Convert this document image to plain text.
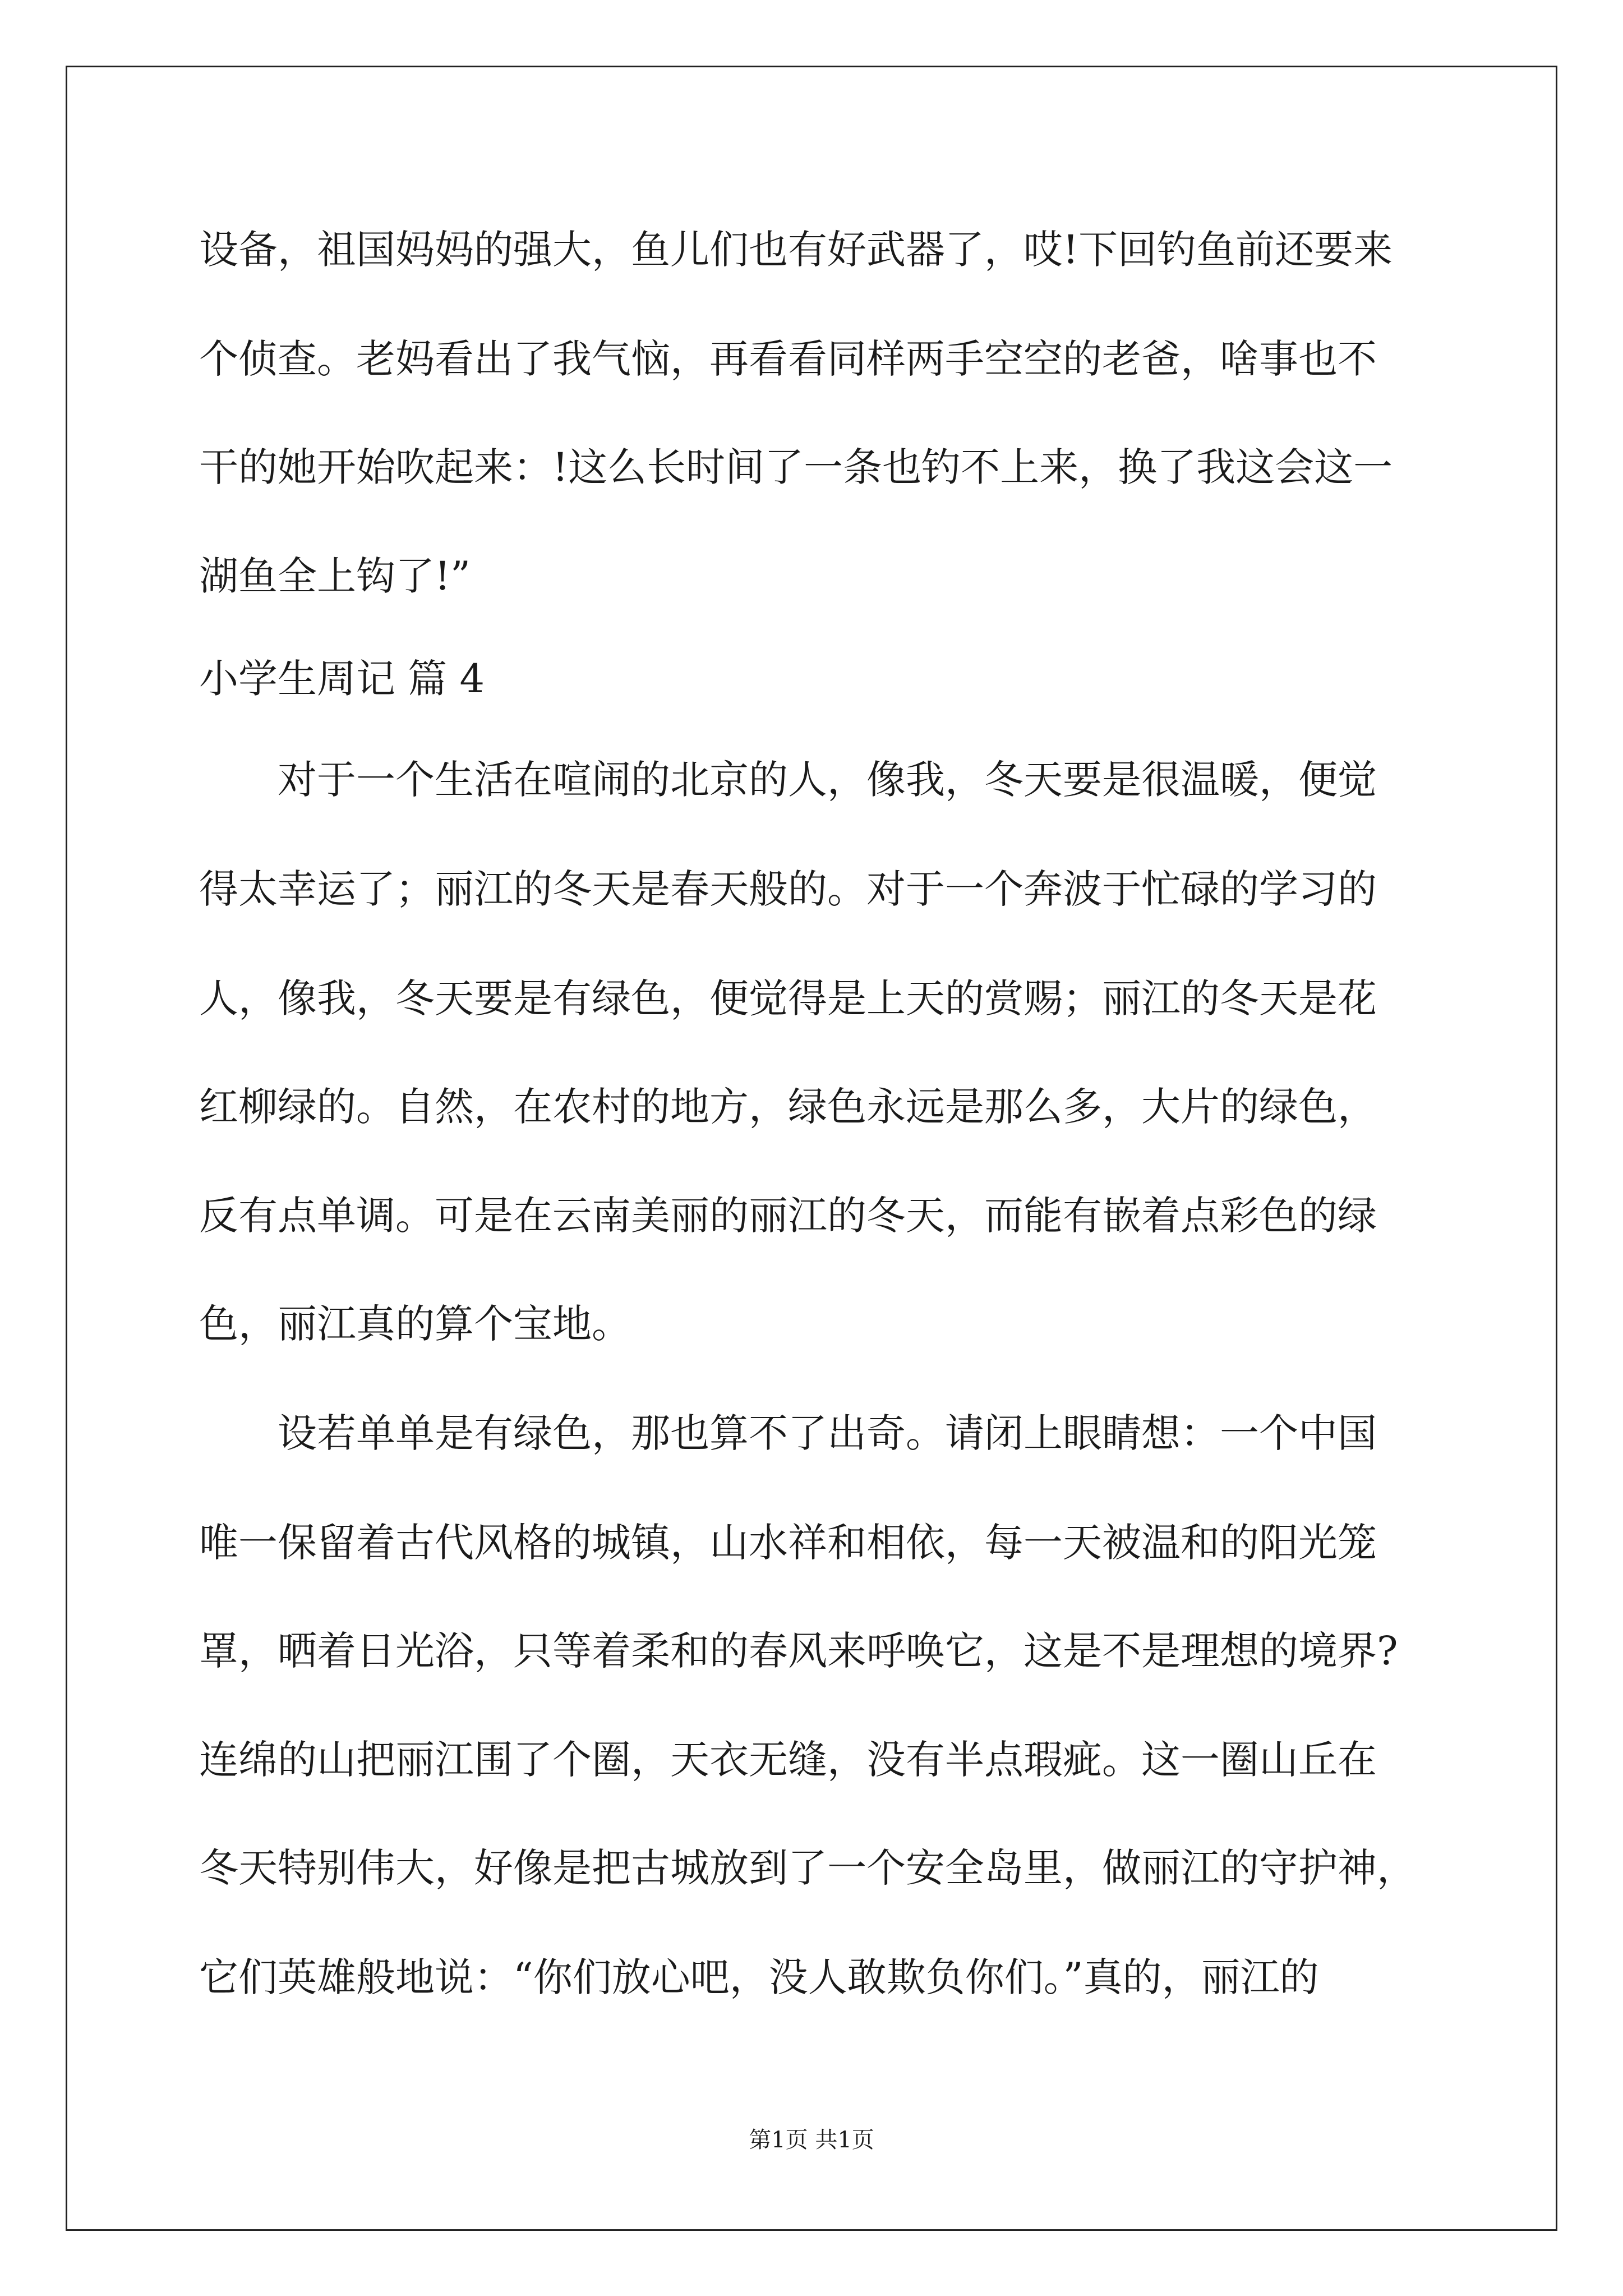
设备，祖国妈妈的强大，鱼儿们也有好武器了，哎!下回钓鱼前还要来
个侦查。老妈看出了我气恼，再看看同样两手空空的老爸，啥事也不
干的她开始吹起来：!这么长时间了一条也钓不上来，换了我这会这一
湖鱼全上钩了!”
小学生周记 篇 4
对于一个生活在喧闹的北京的人，像我，冬天要是很温暖，便觉
得太幸运了；丽江的冬天是春天般的。对于一个奔波于忙碌的学习的
人，像我，冬天要是有绿色，便觉得是上天的赏赐；丽江的冬天是花
红柳绿的。自然，在农村的地方，绿色永远是那么多，大片的绿色，
反有点单调。可是在云南美丽的丽江的冬天，而能有嵌着点彩色的绿
色，丽江真的算个宝地。
设若单单是有绿色，那也算不了出奇。请闭上眼睛想：一个中国
唯一保留着古代风格的城镇，山水祥和相依，每一天被温和的阳光笼
罩，晒着日光浴，只等着柔和的春风来呼唤它，这是不是理想的境界?
连绵的山把丽江围了个圈，天衣无缝，没有半点瑕疵。这一圈山丘在
冬天特别伟大，好像是把古城放到了一个安全岛里，做丽江的守护神，
它们英雄般地说：“你们放心吧，没人敢欺负你们。”真的，丽江的
第1页 共1页
